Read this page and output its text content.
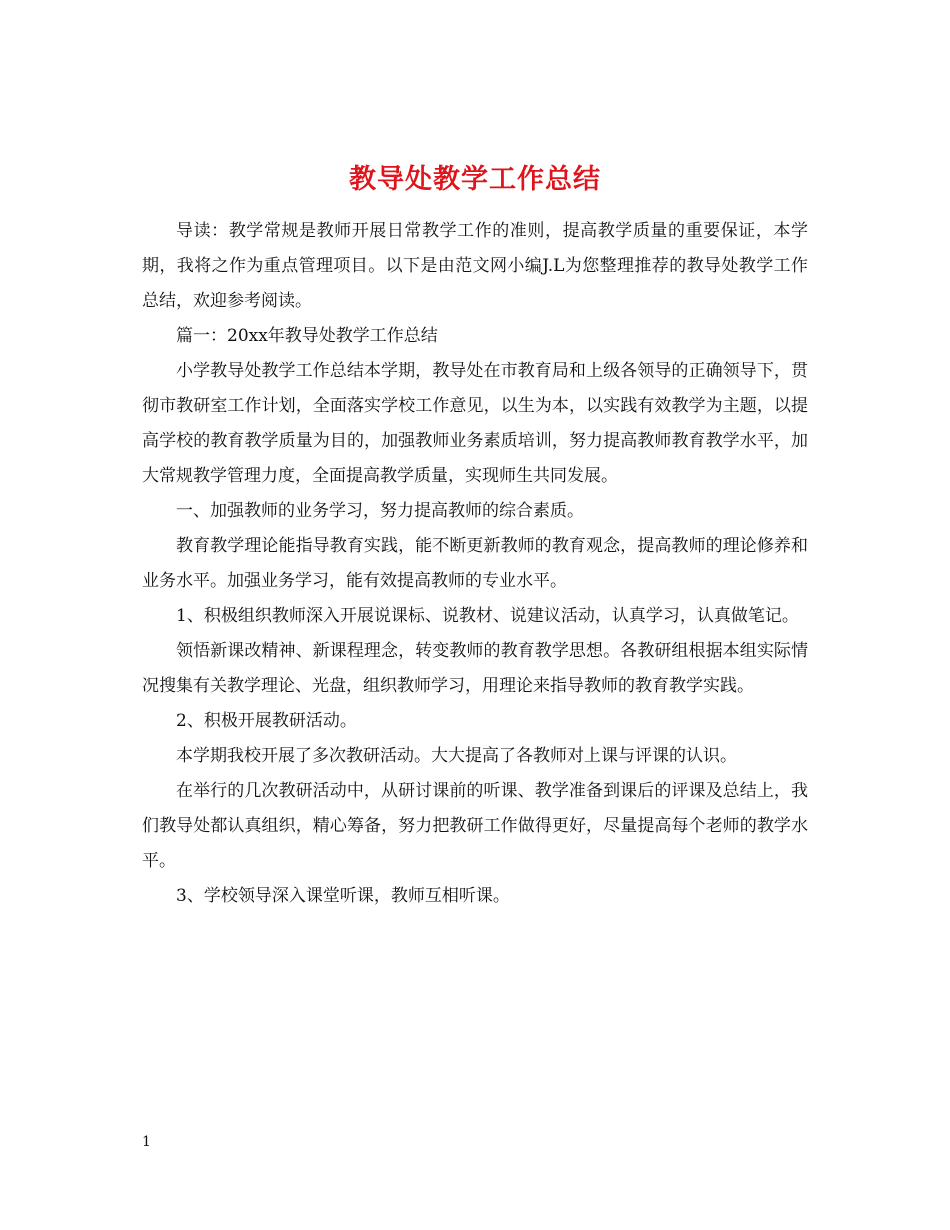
教导处教学工作总结

导读：教学常规是教师开展日常教学工作的准则，提高教学质量的重要保证，本学期，我将之作为重点管理项目。以下是由范文网小编J.L为您整理推荐的教导处教学工作总结，欢迎参考阅读。

篇一：20xx年教导处教学工作总结

小学教导处教学工作总结本学期，教导处在市教育局和上级各领导的正确领导下，贯彻市教研室工作计划，全面落实学校工作意见，以生为本，以实践有效教学为主题，以提高学校的教育教学质量为目的，加强教师业务素质培训，努力提高教师教育教学水平，加大常规教学管理力度，全面提高教学质量，实现师生共同发展。

一、加强教师的业务学习，努力提高教师的综合素质。

教育教学理论能指导教育实践，能不断更新教师的教育观念，提高教师的理论修养和业务水平。加强业务学习，能有效提高教师的专业水平。

1、积极组织教师深入开展说课标、说教材、说建议活动，认真学习，认真做笔记。

领悟新课改精神、新课程理念，转变教师的教育教学思想。各教研组根据本组实际情况搜集有关教学理论、光盘，组织教师学习，用理论来指导教师的教育教学实践。

2、积极开展教研活动。

本学期我校开展了多次教研活动。大大提高了各教师对上课与评课的认识。

在举行的几次教研活动中，从研讨课前的听课、教学准备到课后的评课及总结上，我们教导处都认真组织，精心筹备，努力把教研工作做得更好，尽量提高每个老师的教学水平。

3、学校领导深入课堂听课，教师互相听课。

1
